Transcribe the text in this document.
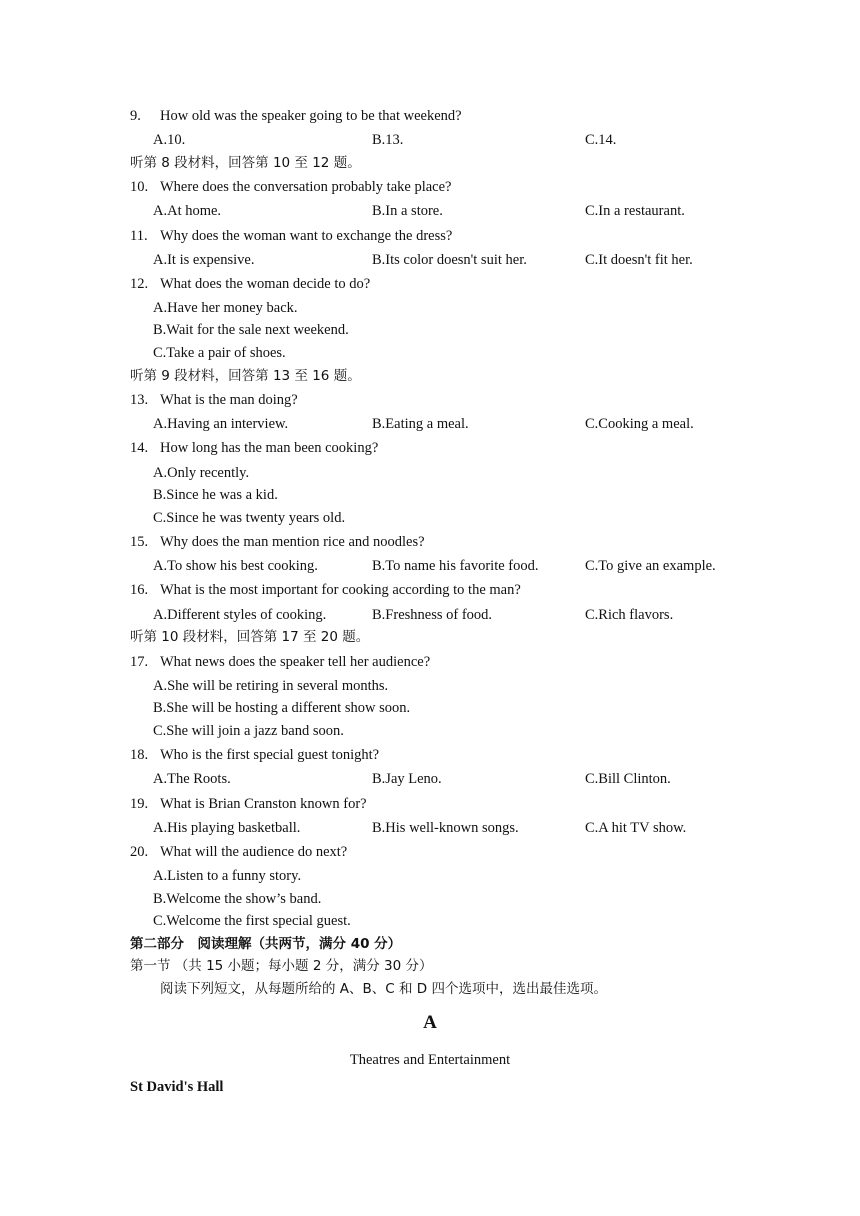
9. How old was the speaker going to be that weekend?
A.10.	B.13.	C.14.
听第 8 段材料，回答第 10 至 12 题。
10. Where does the conversation probably take place?
A.At home.	B.In a store.	C.In a restaurant.
11. Why does the woman want to exchange the dress?
A.It is expensive.	B.Its color doesn't suit her.	C.It doesn't fit her.
12. What does the woman decide to do?
A.Have her money back.
B.Wait for the sale next weekend.
C.Take a pair of shoes.
听第 9 段材料，回答第 13 至 16 题。
13. What is the man doing?
A.Having an interview.	B.Eating a meal.	C.Cooking a meal.
14. How long has the man been cooking?
A.Only recently.
B.Since he was a kid.
C.Since he was twenty years old.
15. Why does the man mention rice and noodles?
A.To show his best cooking.	B.To name his favorite food.	C.To give an example.
16. What is the most important for cooking according to the man?
A.Different styles of cooking.	B.Freshness of food.	C.Rich flavors.
听第 10 段材料，回答第 17 至 20 题。
17. What news does the speaker tell her audience?
A.She will be retiring in several months.
B.She will be hosting a different show soon.
C.She will join a jazz band soon.
18. Who is the first special guest tonight?
A.The Roots.	B.Jay Leno.	C.Bill Clinton.
19. What is Brian Cranston known for?
A.His playing basketball.	B.His well-known songs.	C.A hit TV show.
20. What will the audience do next?
A.Listen to a funny story.
B.Welcome the show’s band.
C.Welcome the first special guest.
第二部分　阅读理解（共两节，满分 40 分）
第一节 （共 15 小题；每小题 2 分，满分 30 分）
阅读下列短文，从每题所给的 A、B、C 和 D 四个选项中，选出最佳选项。
A
Theatres and Entertainment
St David's Hall
